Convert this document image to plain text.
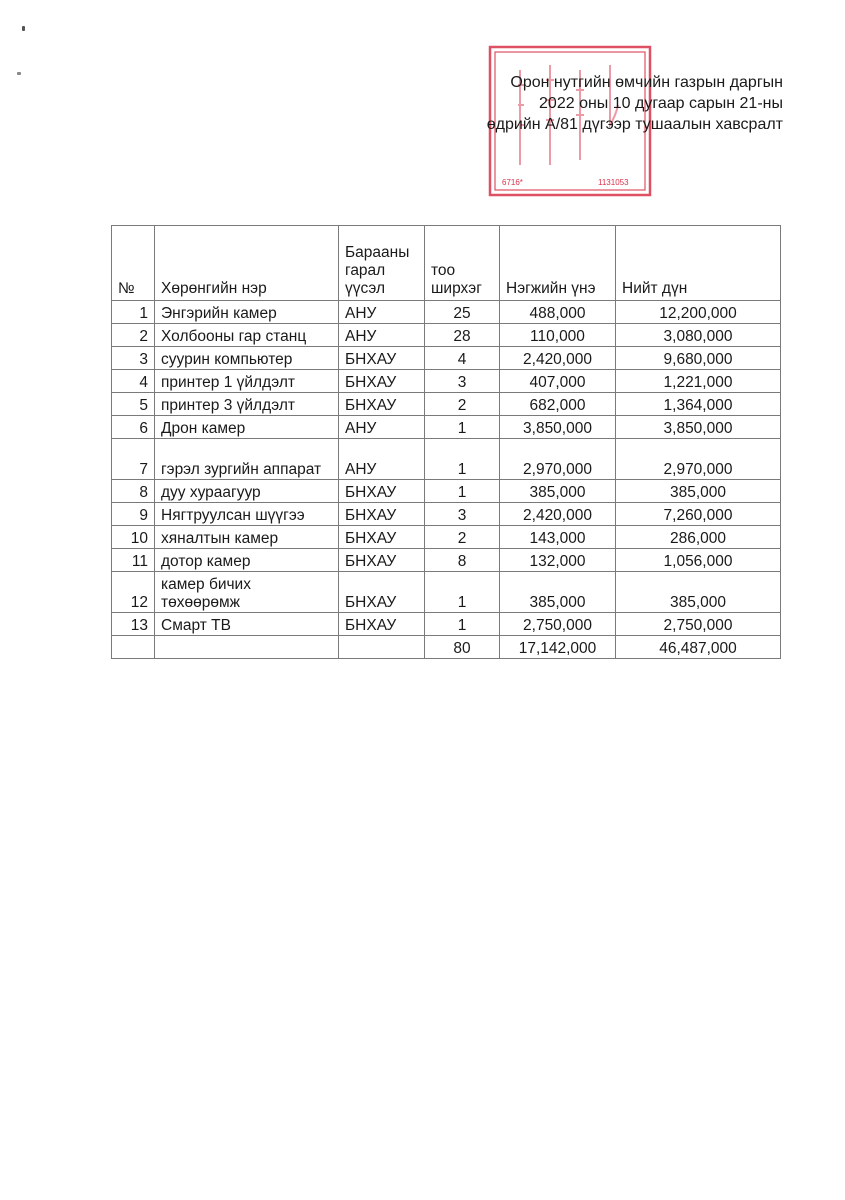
6716*	1131053
Орон нутгийн өмчийн газрын даргын
2022 оны 10 дугаар сарын 21-ны
өдрийн А/81 дүгээр тушаалын хавсралт
№	Хөрөнгийн нэр	Барааны гарал үүсэл	тоо ширхэг	Нэгжийн үнэ	Нийт дүн
1	Энгэрийн камер	АНУ	25	488,000	12,200,000
2	Холбооны гар станц	АНУ	28	110,000	3,080,000
3	суурин компьютер	БНХАУ	4	2,420,000	9,680,000
4	принтер 1 үйлдэлт	БНХАУ	3	407,000	1,221,000
5	принтер 3 үйлдэлт	БНХАУ	2	682,000	1,364,000
6	Дрон камер	АНУ	1	3,850,000	3,850,000
7	гэрэл зургийн аппарат	АНУ	1	2,970,000	2,970,000
8	дуу хураагуур	БНХАУ	1	385,000	385,000
9	Нягтруулсан шүүгээ	БНХАУ	3	2,420,000	7,260,000
10	хяналтын камер	БНХАУ	2	143,000	286,000
11	дотор камер	БНХАУ	8	132,000	1,056,000
12	камер бичих төхөөрөмж	БНХАУ	1	385,000	385,000
13	Смарт ТВ	БНХАУ	1	2,750,000	2,750,000
			80	17,142,000	46,487,000
